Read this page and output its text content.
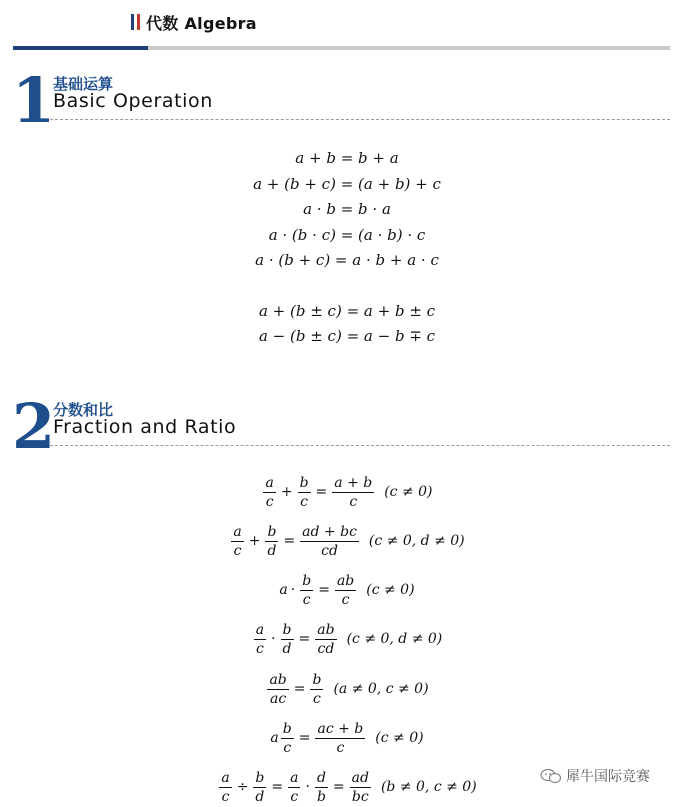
代数 Algebra
1
基础运算
Basic Operation
a + b = b + a
a + (b + c) = (a + b) + c
a · b = b · a
a · (b · c) = (a · b) · c
a · (b + c) = a · b + a · c
a + (b ± c) = a + b ± c
a − (b ± c) = a − b ∓ c
2
分数和比
Fraction and Ratio
$\frac{a}{c} + \frac{b}{c} = \frac{a + b}{c} (c \ne 0)$
$\frac{a}{c} + \frac{b}{d} = \frac{ad + bc}{cd} (c \ne 0$, d ≠ 0)
$a \cdot \frac{b}{c} = \frac{ab}{c} (c \ne 0)$
$\frac{a}{c} \cdot \frac{b}{d} = \frac{ab}{cd} (c \ne 0$, d ≠ 0)
$\frac{ab}{ac} = \frac{b}{c} (a \ne 0$, c ≠ 0)
a $\frac{b}{c} = \frac{ac + b}{c} (c \ne 0)$
$\frac{a}{c} \div \frac{b}{d} = \frac{a}{c} \cdot \frac{d}{b} = \frac{ad}{bc} (b \ne 0$, c ≠ 0)
犀牛国际竞赛
